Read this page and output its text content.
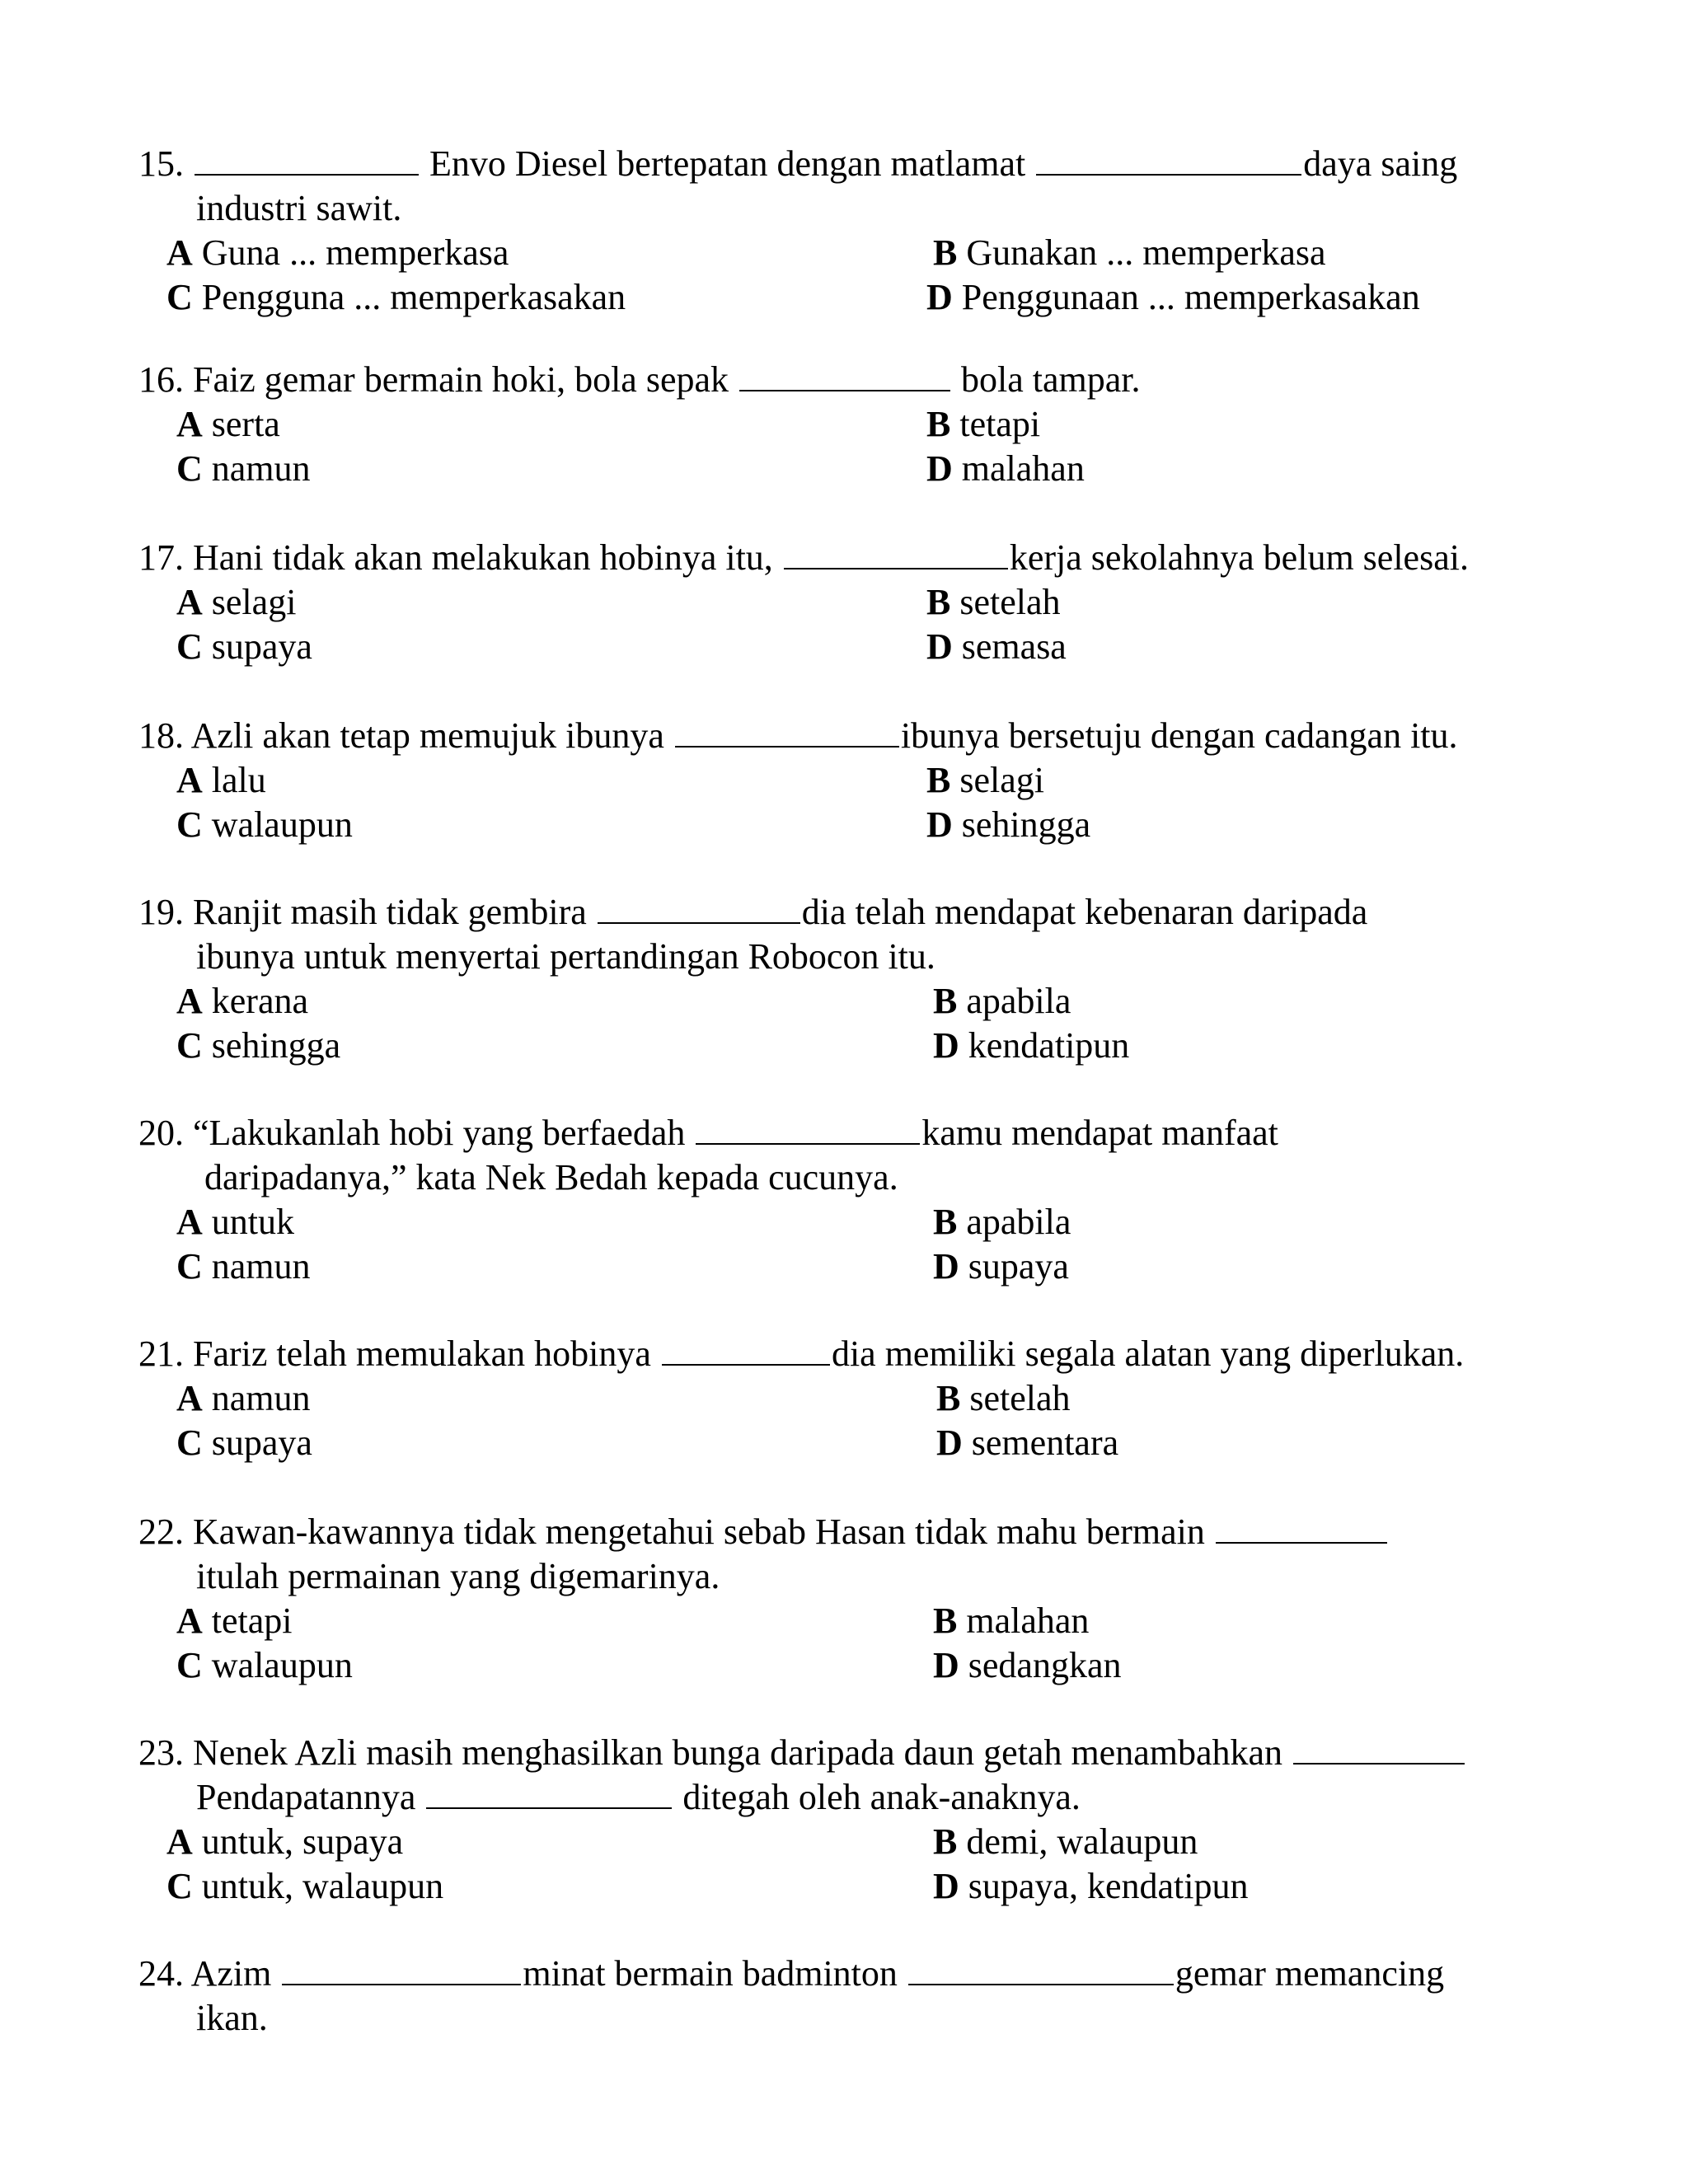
15.	Envo Diesel bertepatan dengan matlamat	daya saing
industri sawit.
A Guna ... memperkasa	B Gunakan ... memperkasa
C Pengguna ... memperkasakan	D Penggunaan ... memperkasakan
16. Faiz gemar bermain hoki, bola sepak	bola tampar.
A serta	B tetapi
C namun	D malahan
17. Hani tidak akan melakukan hobinya itu,	kerja sekolahnya belum selesai.
A selagi	B setelah
C supaya	D semasa
18. Azli akan tetap memujuk ibunya	ibunya bersetuju dengan cadangan itu.
A lalu	B selagi
C walaupun	D sehingga
19. Ranjit masih tidak gembira	dia telah mendapat kebenaran daripada
ibunya untuk menyertai pertandingan Robocon itu.
A kerana	B apabila
C sehingga	D kendatipun
20. “Lakukanlah hobi yang berfaedah	kamu mendapat manfaat
daripadanya,” kata Nek Bedah kepada cucunya.
A untuk	B apabila
C namun	D supaya
21. Fariz telah memulakan hobinya	dia memiliki segala alatan yang diperlukan.
A namun	B setelah
C supaya	D sementara
22. Kawan-kawannya tidak mengetahui sebab Hasan tidak mahu bermain
itulah permainan yang digemarinya.
A tetapi	B malahan
C walaupun	D sedangkan
23. Nenek Azli masih menghasilkan bunga daripada daun getah menambahkan
Pendapatannya	ditegah oleh anak-anaknya.
A untuk, supaya	B demi, walaupun
C untuk, walaupun	D supaya, kendatipun
24. Azim	minat bermain badminton	gemar memancing
ikan.
